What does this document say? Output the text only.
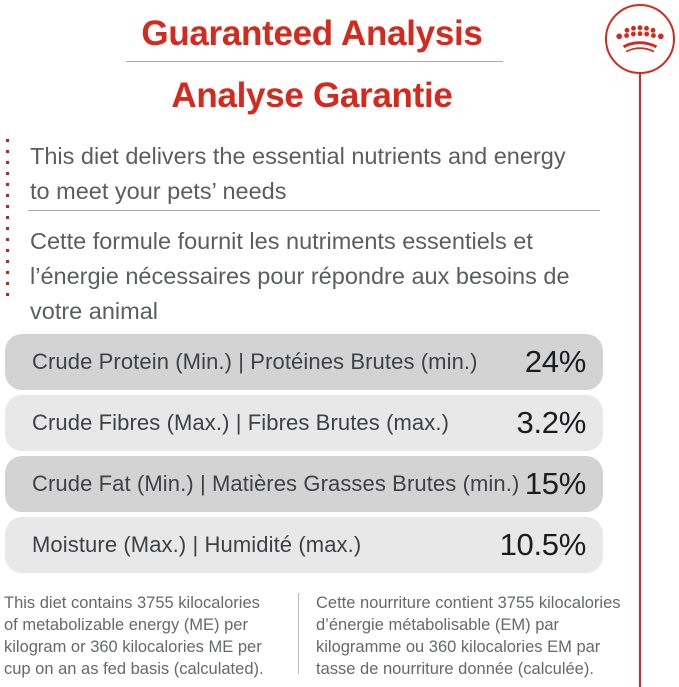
Guaranteed Analysis
Analyse Garantie
This diet delivers the essential nutrients and energy
to meet your pets’ needs
Cette formule fournit les nutriments essentiels et
l’énergie nécessaires pour répondre aux besoins de
votre animal
Crude Protein (Min.) | Protéines Brutes (min.)	24%
Crude Fibres (Max.) | Fibres Brutes (max.)	3.2%
Crude Fat (Min.) | Matières Grasses Brutes (min.) 15%
Moisture (Max.) | Humidité (max.)	10.5%
This diet contains 3755 kilocalories
of metabolizable energy (ME) per
kilogram or 360 kilocalories ME per
cup on an as fed basis (calculated).
Cette nourriture contient 3755 kilocalories
d’énergie métabolisable (EM) par
kilogramme ou 360 kilocalories EM par
tasse de nourriture donnée (calculée).
